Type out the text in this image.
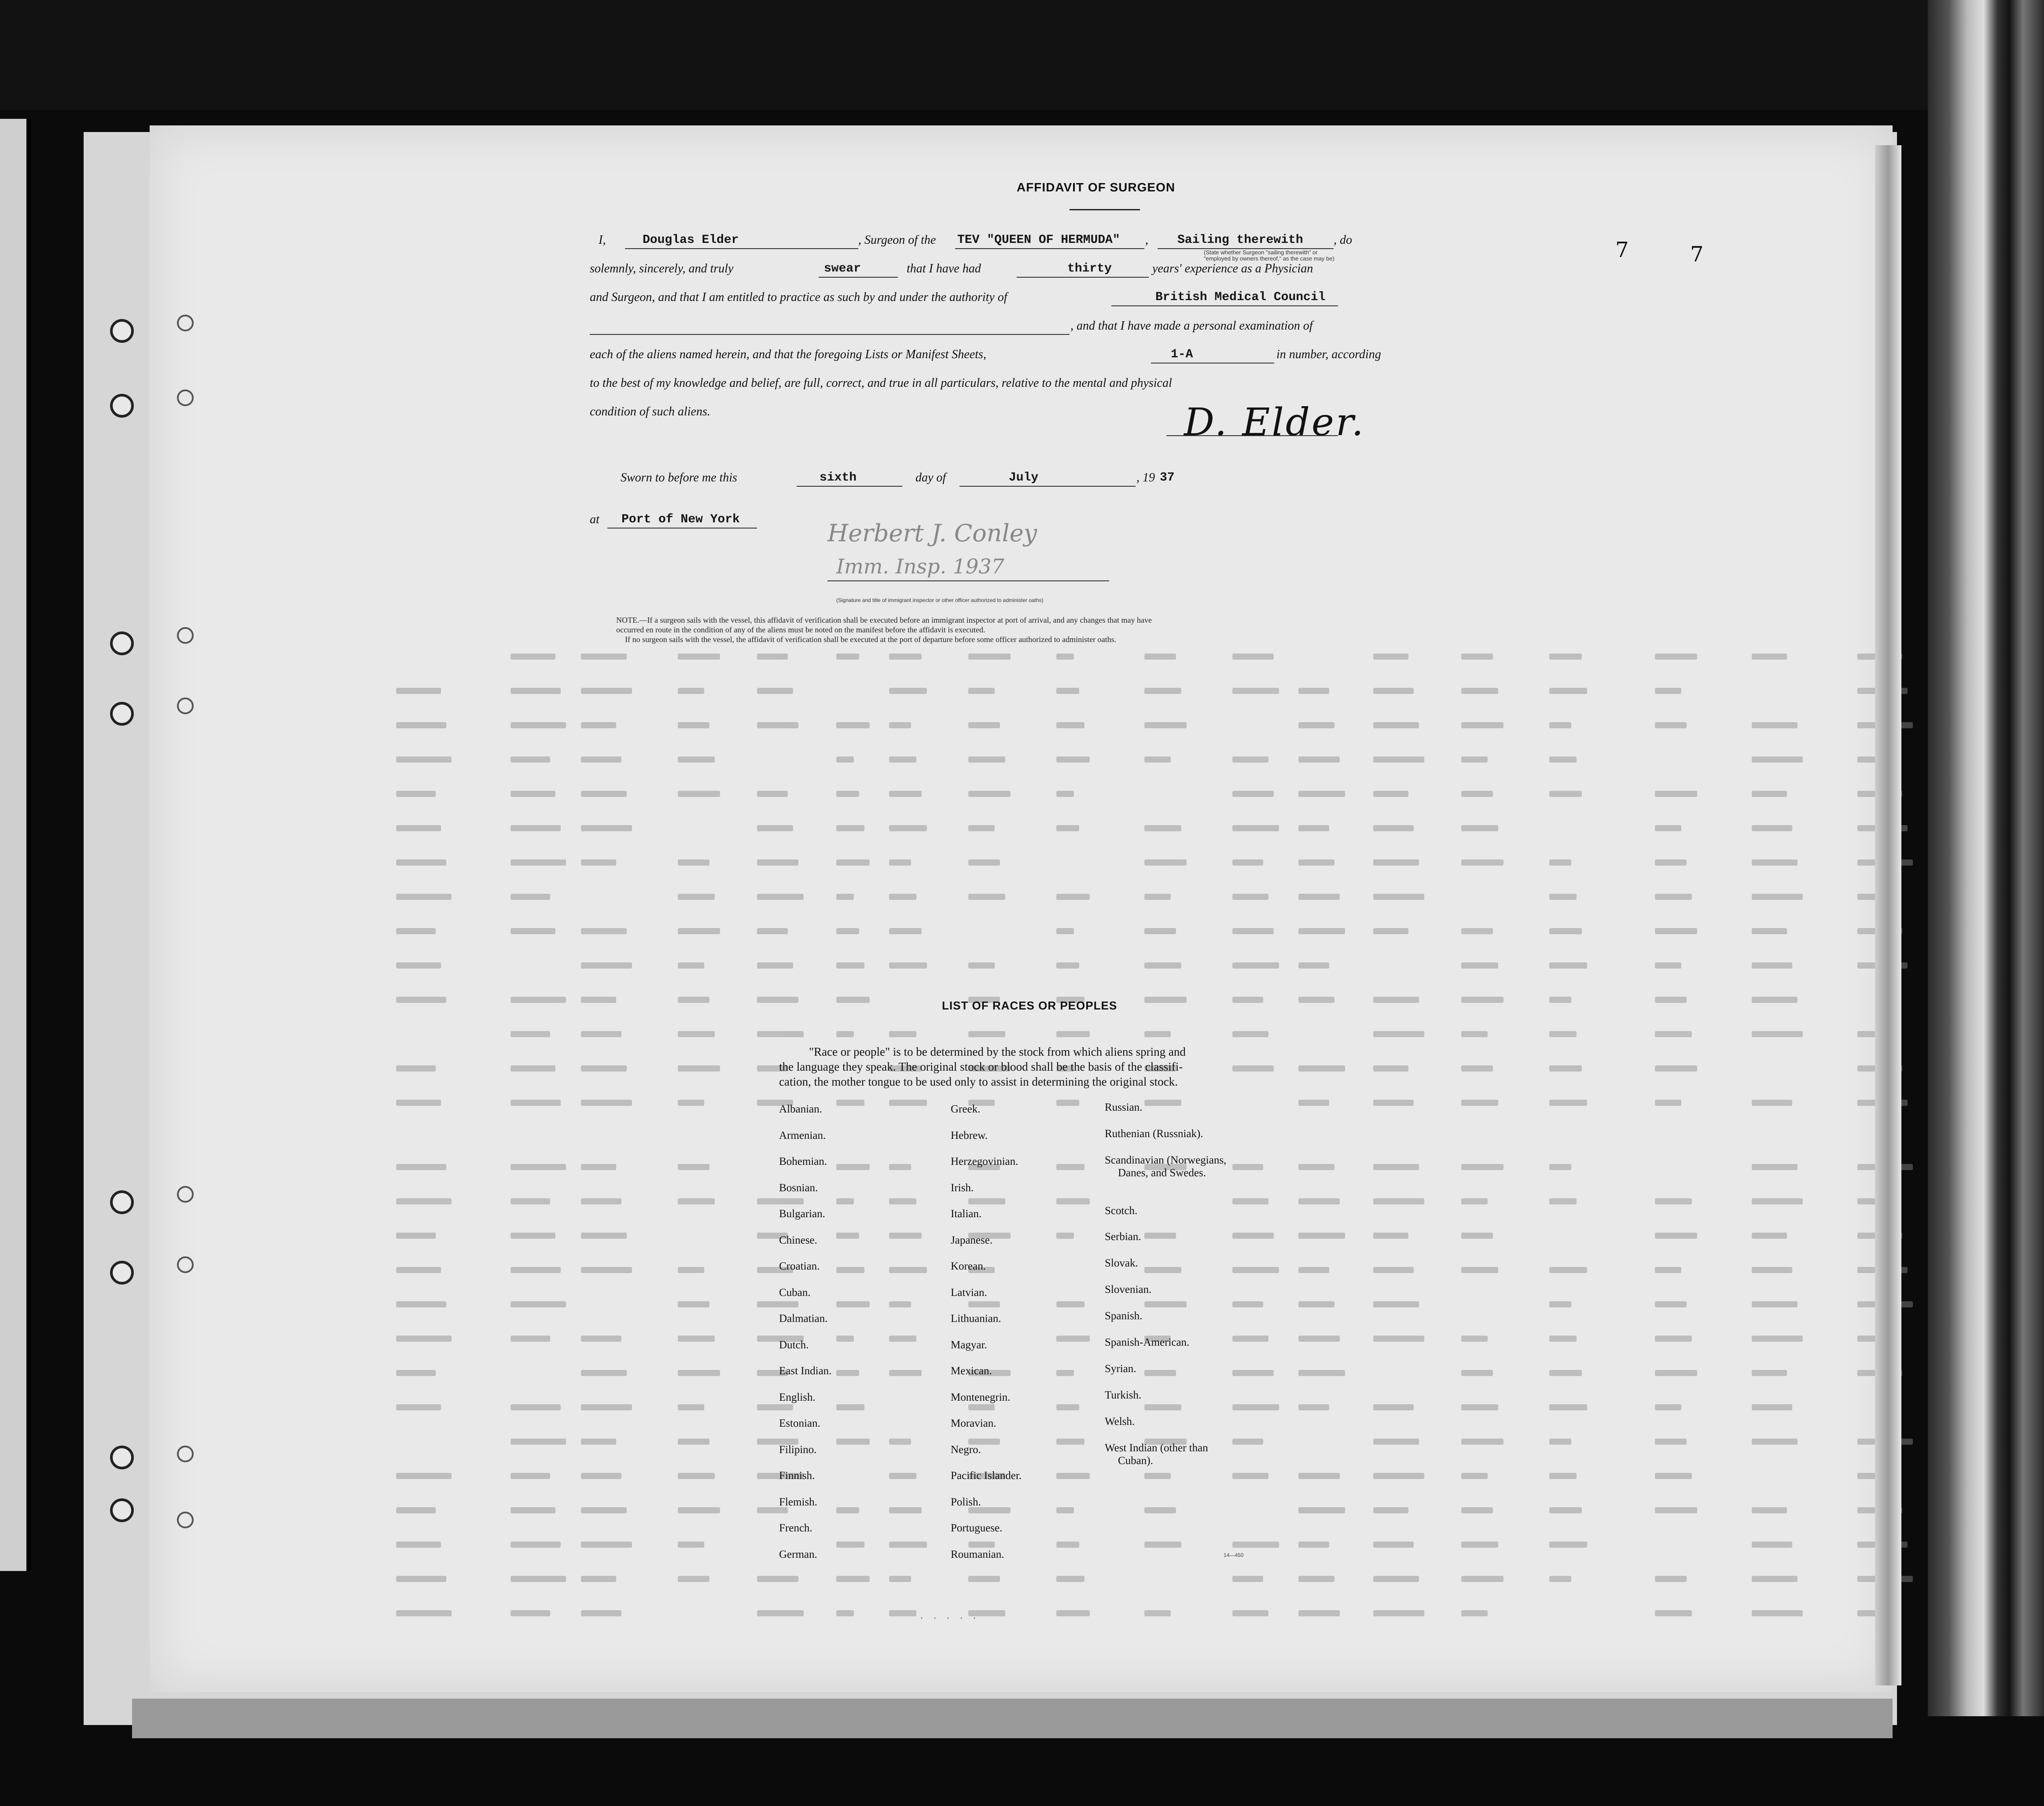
7	7
AFFIDAVIT OF SURGEON
I,	Douglas Elder	, Surgeon of the TEV "QUEEN OF HERMUDA" , Sailing therewith , do
(State whether Surgeon "sailing therewith" or "employed by owners thereof," as the case may be)
solemnly, sincerely, and truly	swear	that I have had	thirty	years' experience as a Physician
and Surgeon, and that I am entitled to practice as such by and under the authority of	British Medical Council
, and that I have made a personal examination of
each of the aliens named herein, and that the foregoing Lists or Manifest Sheets,	1-A	in number, according
to the best of my knowledge and belief, are full, correct, and true in all particulars, relative to the mental and physical
condition of such aliens.	D. Elder.
Sworn to before me this	sixth	day of	July	, 19 37
at Port of New York	Herbert J. Conley
Imm. Insp. 1937
(Signature and title of immigrant inspector or other officer authorized to administer oaths)
NOTE.—If a surgeon sails with the vessel, this affidavit of verification shall be executed before an immigrant inspector at port of arrival, and any changes that may have
occurred en route in the condition of any of the aliens must be noted on the manifest before the affidavit is executed.
If no surgeon sails with the vessel, the affidavit of verification shall be executed at the port of departure before some officer authorized to administer oaths.
LIST OF RACES OR PEOPLES
"Race or people" is to be determined by the stock from which aliens spring and
the language they speak. The original stock or blood shall be the basis of the classifi-
cation, the mother tongue to be used only to assist in determining the original stock.
Albanian.
Armenian.
Bohemian.
Bosnian.
Bulgarian.
Chinese.
Croatian.
Cuban.
Dalmatian.
Dutch.
East Indian.
English.
Estonian.
Filipino.
Finnish.
Flemish.
French.
German.
Greek.
Hebrew.
Herzegovinian.
Irish.
Italian.
Japanese.
Korean.
Latvian.
Lithuanian.
Magyar.
Mexican.
Montenegrin.
Moravian.
Negro.
Pacific Islander.
Polish.
Portuguese.
Roumanian.
Russian.
Ruthenian (Russniak).
Scandinavian (Norwegians,
Danes, and Swedes.
Scotch.
Serbian.
Slovak.
Slovenian.
Spanish.
Spanish-American.
Syrian.
Turkish.
Welsh.
West Indian (other than
Cuban).
14—450
· · · · ·
